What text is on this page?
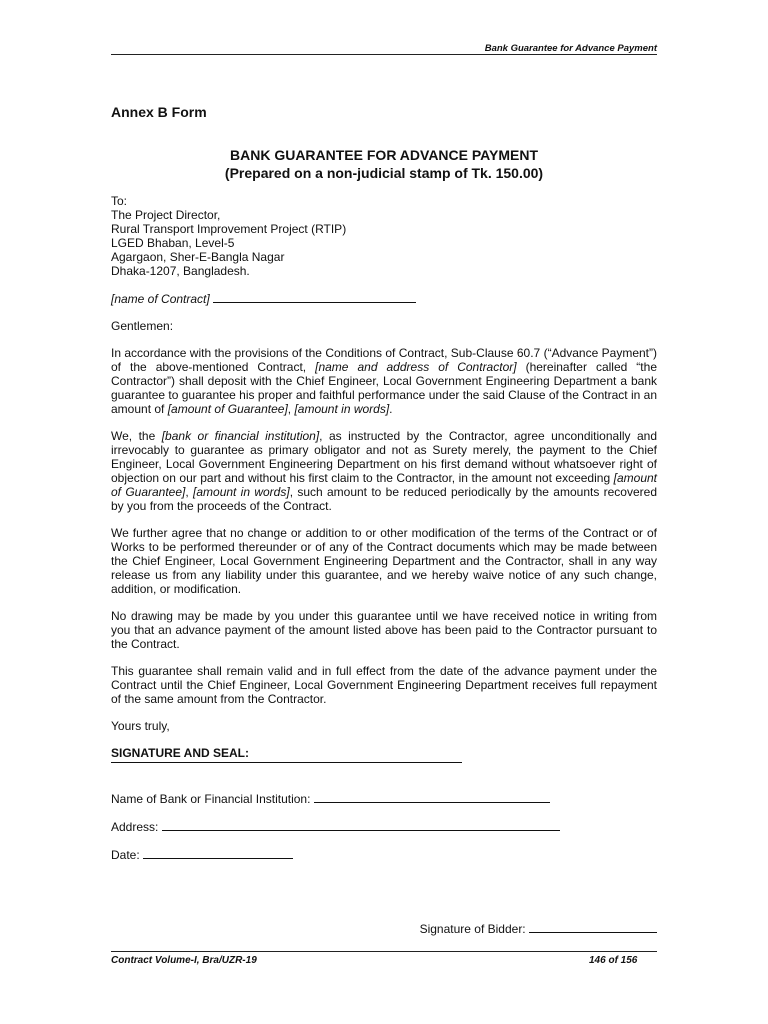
Bank Guarantee for Advance Payment
Annex B Form
BANK GUARANTEE FOR ADVANCE PAYMENT
(Prepared on a non-judicial stamp of Tk. 150.00)
To:
The Project Director,
Rural Transport Improvement Project (RTIP)
LGED Bhaban, Level-5
Agargaon, Sher-E-Bangla Nagar
Dhaka-1207, Bangladesh.
[name of Contract]
Gentlemen:

In accordance with the provisions of the Conditions of Contract, Sub-Clause 60.7 (“Advance Payment”) of the above-mentioned Contract, [name and address of Contractor] (hereinafter called “the Contractor”) shall deposit with the Chief Engineer, Local Government Engineering Department a bank guarantee to guarantee his proper and faithful performance under the said Clause of the Contract in an amount of [amount of Guarantee], [amount in words].

We, the [bank or financial institution], as instructed by the Contractor, agree unconditionally and irrevocably to guarantee as primary obligator and not as Surety merely, the payment to the Chief Engineer, Local Government Engineering Department on his first demand without whatsoever right of objection on our part and without his first claim to the Contractor, in the amount not exceeding [amount of Guarantee], [amount in words], such amount to be reduced periodically by the amounts recovered by you from the proceeds of the Contract.

We further agree that no change or addition to or other modification of the terms of the Contract or of Works to be performed thereunder or of any of the Contract documents which may be made between the Chief Engineer, Local Government Engineering Department and the Contractor, shall in any way release us from any liability under this guarantee, and we hereby waive notice of any such change, addition, or modification.

No drawing may be made by you under this guarantee until we have received notice in writing from you that an advance payment of the amount listed above has been paid to the Contractor pursuant to the Contract.

This guarantee shall remain valid and in full effect from the date of the advance payment under the Contract until the Chief Engineer, Local Government Engineering Department receives full repayment of the same amount from the Contractor.

Yours truly,
SIGNATURE AND SEAL:
Name of Bank or Financial Institution:
Address:
Date:
Signature of Bidder:
Contract Volume-I, Bra/UZR-19	146 of 156
